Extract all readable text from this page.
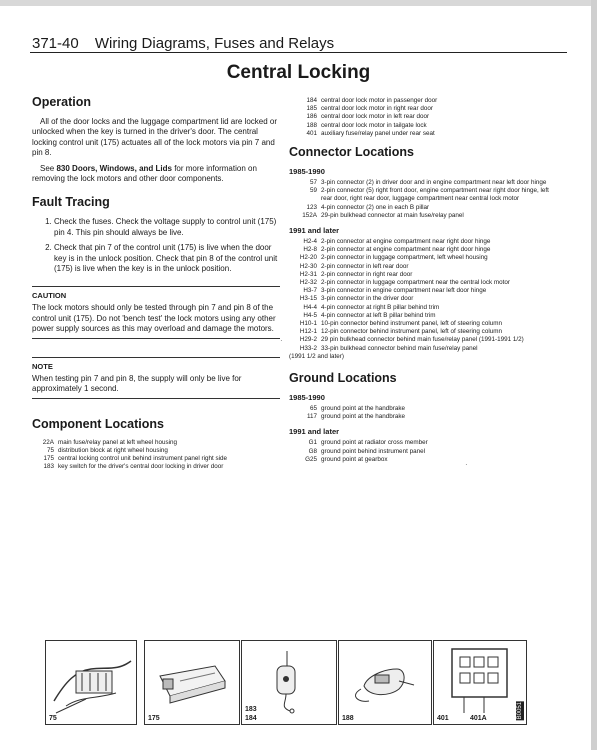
371-40 Wiring Diagrams, Fuses and Relays
Central Locking
Operation

All of the door locks and the luggage compartment lid are locked or unlocked when the key is turned in the driver's door. The central locking control unit (175) actuates all of the lock motors via pin 7 and pin 8.

See 830 Doors, Windows, and Lids for more information on removing the lock motors and other door components.

Fault Tracing
1. Check the fuses. Check the voltage supply to control unit (175) pin 4. This pin should always be live.
2. Check that pin 7 of the control unit (175) is live when the door key is in the unlock position. Check that pin 8 of the control unit (175) is live when the key is in the unlock position.
CAUTION

The lock motors should only be tested through pin 7 and pin 8 of the control unit (175). Do not 'bench test' the lock motors using any other power supply sources as this may overload and damage the motors.

NOTE

When testing pin 7 and pin 8, the supply will only be live for approximately 1 second.

Component Locations
22A main fuse/relay panel at left wheel housing
75 distribution block at right wheel housing
175 central locking control unit behind instrument panel right side
183 key switch for the driver's central door locking in driver door
184 central door lock motor in passenger door
185 central door lock motor in right rear door
186 central door lock motor in left rear door
188 central door lock motor in tailgate lock
401 auxiliary fuse/relay panel under rear seat
Connector Locations
1985-1990
57 3-pin connector (2) in driver door and in engine compartment near left door hinge
59 2-pin connector (5) right front door, engine compartment near right door hinge, left rear door, right rear door, luggage compartment near central lock motor
123 4-pin connector (2) one in each B pillar
152A 29-pin bulkhead connector at main fuse/relay panel
1991 and later
H2-4 2-pin connector at engine compartment near right door hinge
H2-8 2-pin connector at engine compartment near right door hinge
H2-20 2-pin connector in luggage compartment, left wheel housing
H2-30 2-pin connector in left rear door
H2-31 2-pin connector in right rear door
H2-32 2-pin connector in luggage compartment near the central lock motor
H3-7 3-pin connector in engine compartment near left door hinge
H3-15 3-pin connector in the driver door
H4-4 4-pin connector at right B pillar behind trim
H4-5 4-pin connector at left B pillar behind trim
H10-1 10-pin connector behind instrument panel, left of steering column
H12-1 12-pin connector behind instrument panel, left of steering column
H29-2 29 pin bulkhead connector behind main fuse/relay panel (1991-1991 1/2)
H33-2 33-pin bulkhead connector behind main fuse/relay panel
(1991 1/2 and later)
Ground Locations
1985-1990
65 ground point at the handbrake
117 ground point at the handbrake
1991 and later
G1 ground point at radiator cross member
G8 ground point behind instrument panel
G25 ground point at gearbox
·
·
75	175
183
184	188	401	401A	B0051
